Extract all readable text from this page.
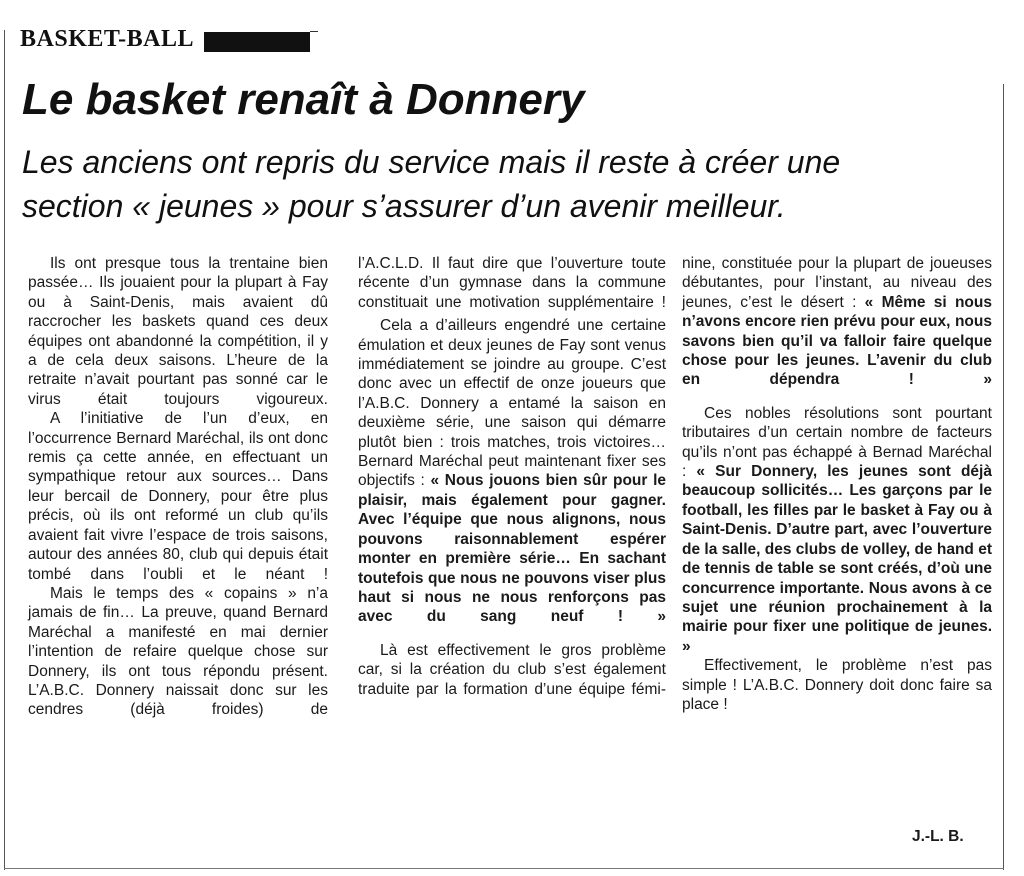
BASKET-BALL
Le basket renaît à Donnery
Les anciens ont repris du service mais il reste à créer une
section « jeunes » pour s’assurer d’un avenir meilleur.

Ils ont presque tous la trentaine bien passée… Ils jouaient pour la plupart à Fay ou à Saint-Denis, mais avaient dû raccrocher les baskets quand ces deux équipes ont abandonné la compétition, il y a de cela deux saisons. L’heure de la retraite n’avait pourtant pas sonné car le virus était toujours vigoureux.

A l’initiative de l’un d’eux, en l’occurrence Bernard Maréchal, ils ont donc remis ça cette année, en effectuant un sympathique retour aux sources… Dans leur bercail de Donnery, pour être plus précis, où ils ont reformé un club qu’ils avaient fait vivre l’espace de trois saisons, autour des années 80, club qui depuis était tombé dans l’oubli et le néant !

Mais le temps des « copains » n’a jamais de fin… La preuve, quand Bernard Maréchal a manifesté en mai dernier l’intention de refaire quelque chose sur Donnery, ils ont tous répondu présent. L’A.B.C. Donnery naissait donc sur les cendres (déjà froides) de

l’A.C.L.D. Il faut dire que l’ouverture toute récente d’un gymnase dans la commune constituait une motivation supplémentaire !

Cela a d’ailleurs engendré une certaine émulation et deux jeunes de Fay sont venus immédiatement se joindre au groupe. C’est donc avec un effectif de onze joueurs que l’A.B.C. Donnery a entamé la saison en deuxième série, une saison qui démarre plutôt bien : trois matches, trois victoires… Bernard Maréchal peut maintenant fixer ses objectifs : « Nous jouons bien sûr pour le plaisir, mais également pour gagner. Avec l’équipe que nous alignons, nous pouvons raisonnablement espérer monter en première série… En sachant toutefois que nous ne pouvons viser plus haut si nous ne nous renforçons pas avec du sang neuf ! »

Là est effectivement le gros problème car, si la création du club s’est également traduite par la formation d’une équipe fémi-

nine, constituée pour la plupart de joueuses débutantes, pour l’instant, au niveau des jeunes, c’est le désert : « Même si nous n’avons encore rien prévu pour eux, nous savons bien qu’il va falloir faire quelque chose pour les jeunes. L’avenir du club en dépendra ! »

Ces nobles résolutions sont pourtant tributaires d’un certain nombre de facteurs qu’ils n’ont pas échappé à Bernad Maréchal : « Sur Donnery, les jeunes sont déjà beaucoup sollicités… Les garçons par le football, les filles par le basket à Fay ou à Saint-Denis. D’autre part, avec l’ouverture de la salle, des clubs de volley, de hand et de tennis de table se sont créés, d’où une concurrence importante. Nous avons à ce sujet une réunion prochainement à la mairie pour fixer une politique de jeunes. »

Effectivement, le problème n’est pas simple ! L’A.B.C. Donnery doit donc faire sa place !

J.-L. B.
